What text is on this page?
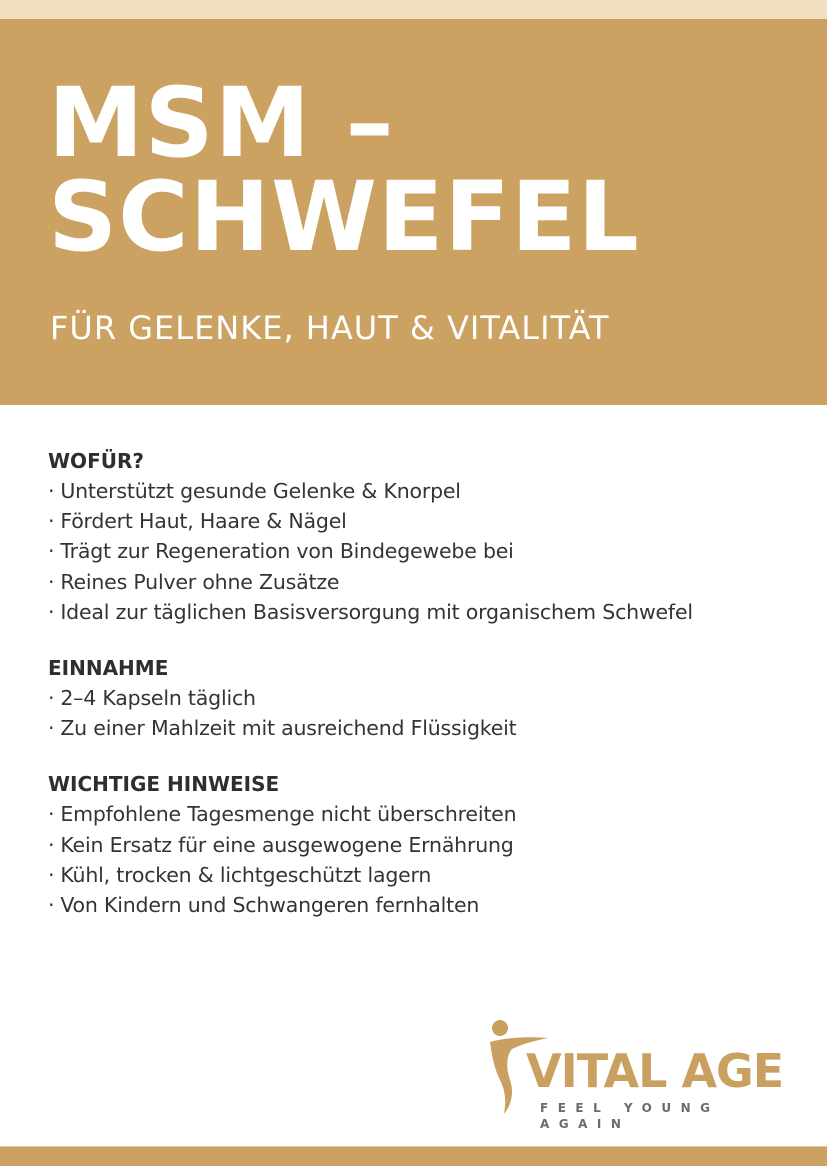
MSM –
SCHWEFEL

FÜR GELENKE, HAUT & VITALITÄT

WOFÜR?
· Unterstützt gesunde Gelenke & Knorpel
· Fördert Haut, Haare & Nägel
· Trägt zur Regeneration von Bindegewebe bei
· Reines Pulver ohne Zusätze
· Ideal zur täglichen Basisversorgung mit organischem Schwefel
EINNAHME
· 2–4 Kapseln täglich
· Zu einer Mahlzeit mit ausreichend Flüssigkeit
WICHTIGE HINWEISE
· Empfohlene Tagesmenge nicht überschreiten
· Kein Ersatz für eine ausgewogene Ernährung
· Kühl, trocken & lichtgeschützt lagern
· Von Kindern und Schwangeren fernhalten
VITAL AGE
FEEL YOUNG AGAIN
